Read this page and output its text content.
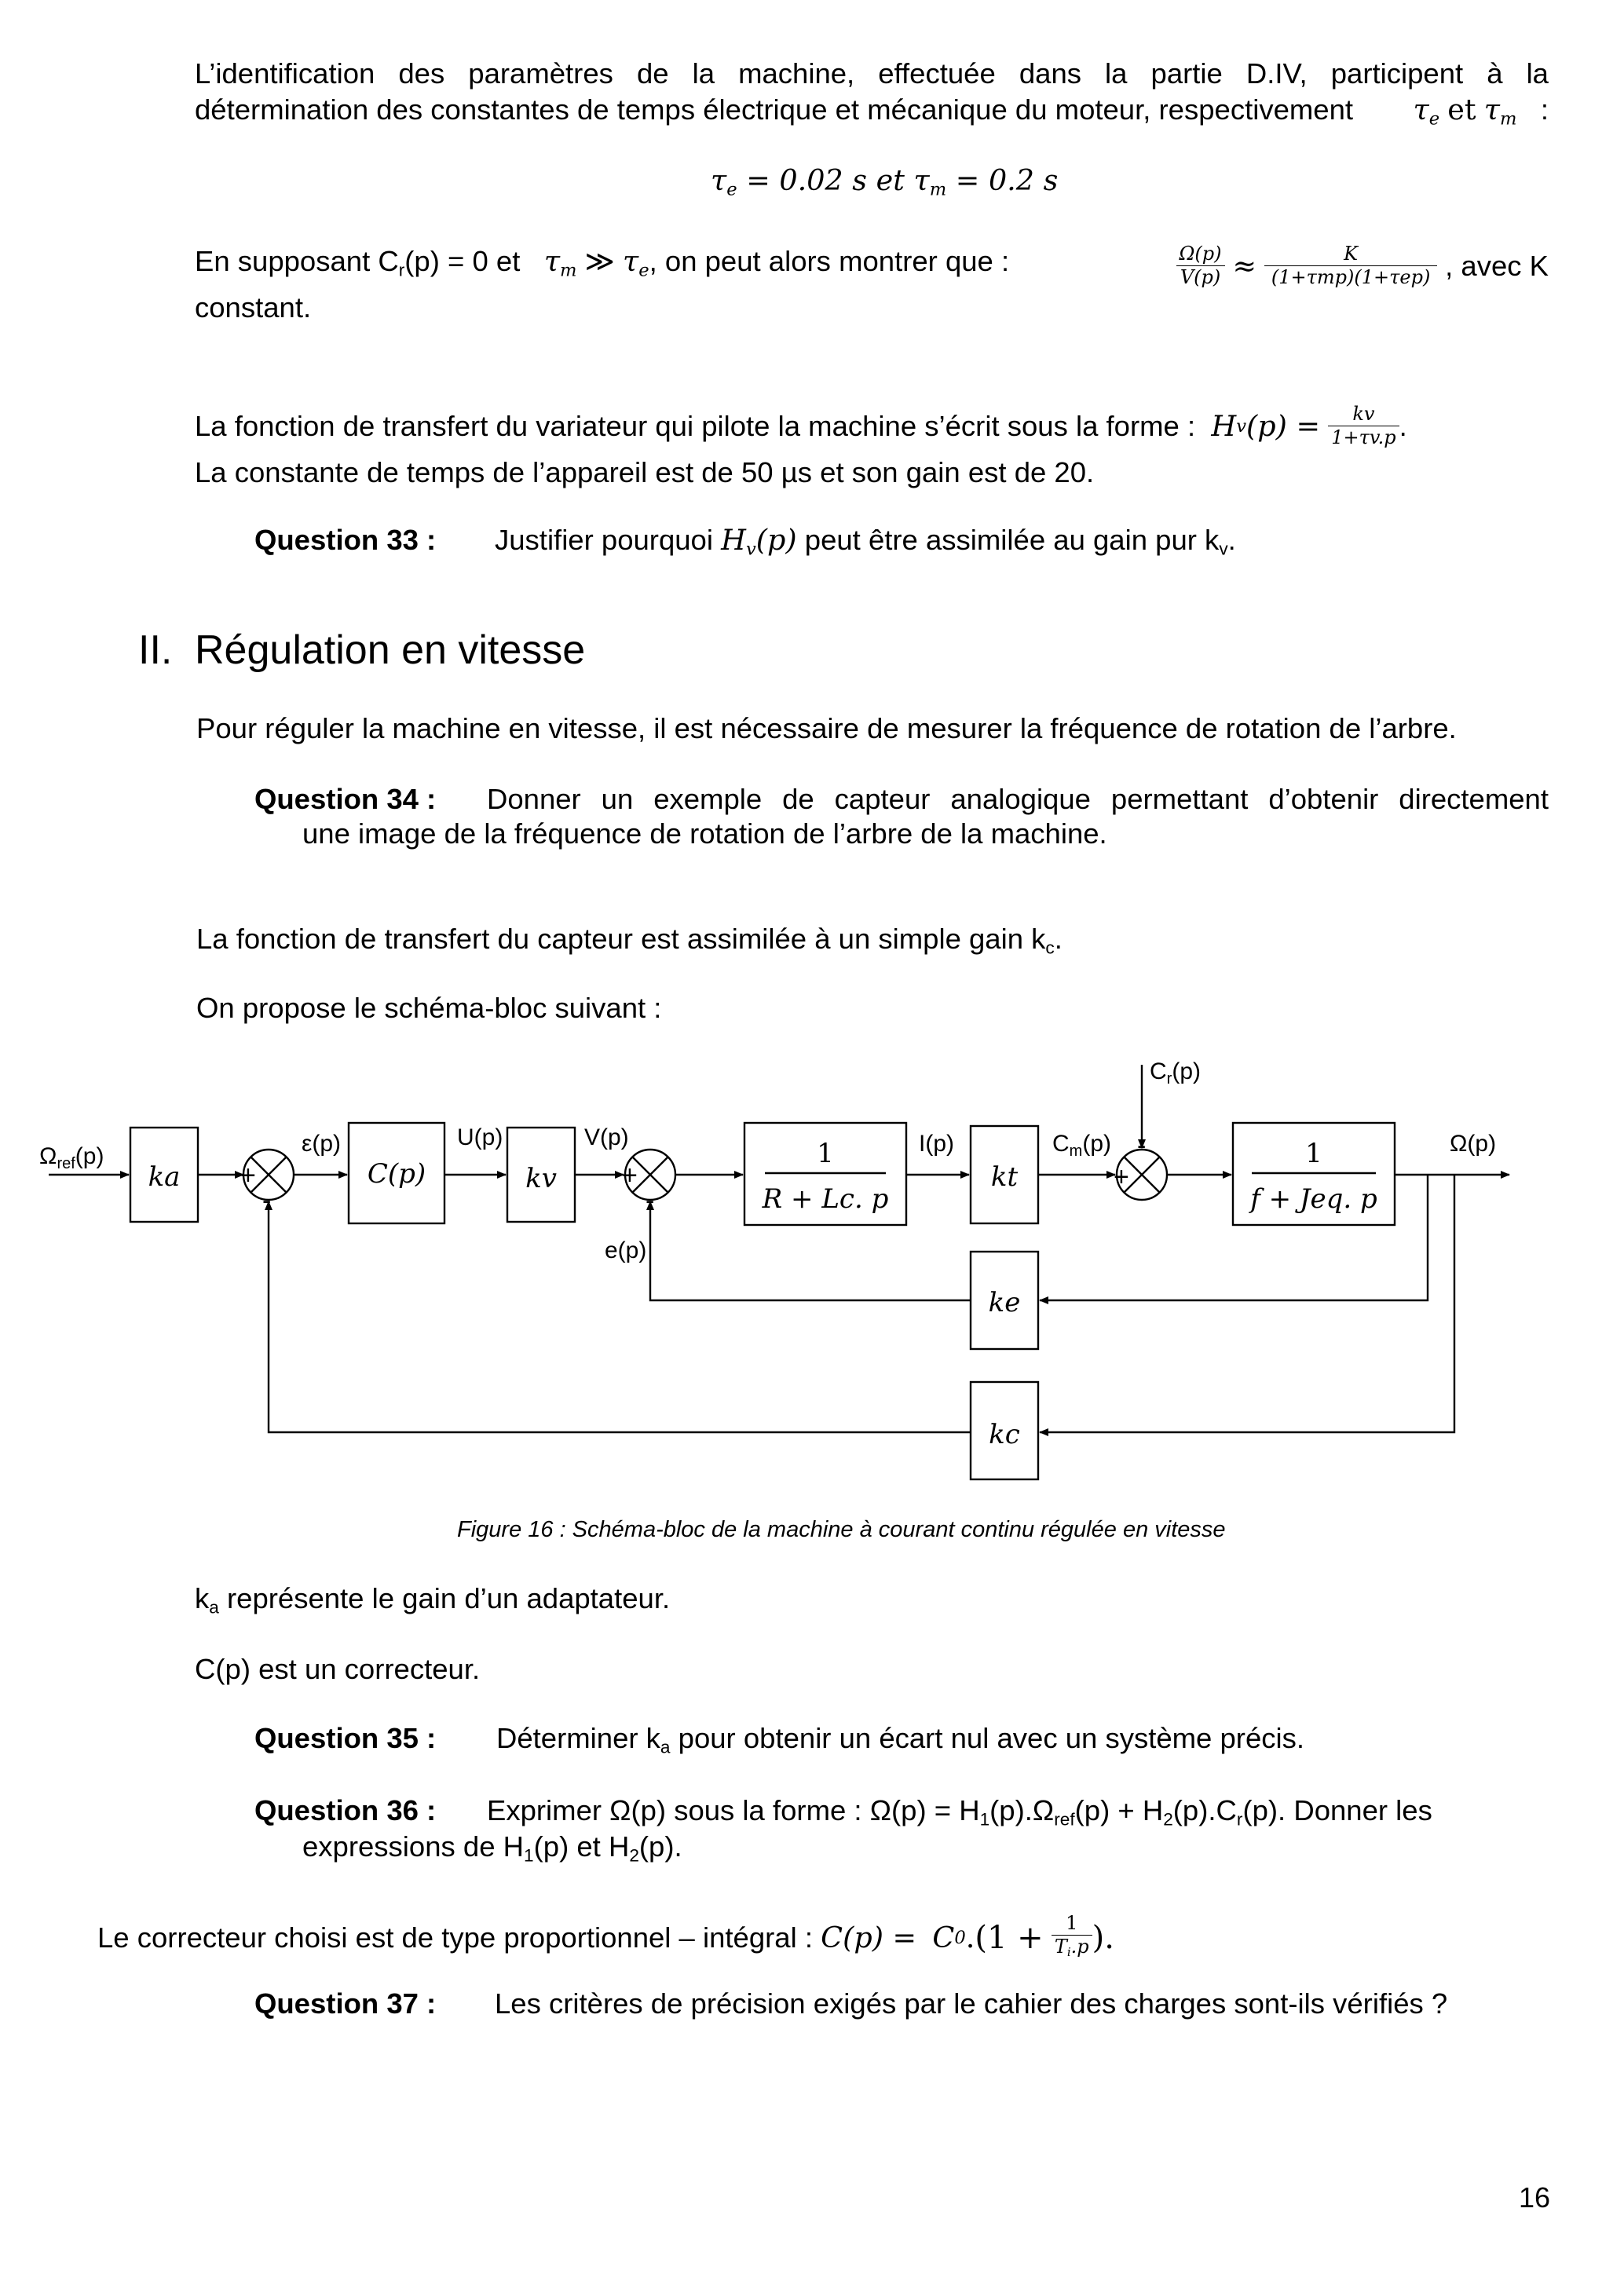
L’identification des paramètres de la machine, effectuée dans la partie D.IV, participent à la
détermination des constantes de temps électrique et mécanique du moteur, respectivement $\tau_e$ et $\tau_m$ :
$\tau_e = 0.02$ s et $\tau_m = 0.2$ s
En supposant $C_r(p) = 0$ et $\tau_m$ ≫ $\tau_e$, on peut alors montrer que :	$\frac{\Omega(p)}{V(p)} \approx \frac{K}{\text{(1+τmp)(1+τep)}}$ , avec K
constant.
La fonction de transfert du variateur qui pilote la machine s’écrit sous la forme :
H v (p) =
$\frac{kv}{1+\tau v.p}$ .
La constante de temps de l’appareil est de 50 µs et son gain est de 20.
Question 33 : Justifier pourquoi $H_v(p)$ peut être assimilée au gain pur $k_v$.
II. Régulation en vitesse
Pour réguler la machine en vitesse, il est nécessaire de mesurer la fréquence de rotation de l’arbre.
Question 34 : Donner un exemple de capteur analogique permettant d’obtenir directement
une image de la fréquence de rotation de l’arbre de la machine.
La fonction de transfert du capteur est assimilée à un simple gain $k_c$.
On propose le schéma-bloc suivant :
$\Omega_{ref}(p)$	ε(p)	U(p)	V(p)	I(p)	$C_m(p)$
$C_r(p)$
Ω(p)
e(p)
+
-
+
-
+
-
ka	C(p)	kv
1
R + Lc. p
kt
1
f + Jeq. p
ke
kc
Figure 16 : Schéma-bloc de la machine à courant continu régulée en vitesse
$k_a$ représente le gain d’un adaptateur.
C(p) est un correcteur.
Question 35 : Déterminer $k_a$ pour obtenir un écart nul avec un système précis.
Question 36 : Exprimer Ω(p) sous la forme : $\Omega(p) = H_1(p).\Omega_{ref}(p) + H_2(p).C_r(p)$. Donner les
expressions de $H_1(p)$ et $H_2(p)$.
Le correcteur choisi est de type proportionnel – intégral :
C(p) =
C 0 . (1 +
$\frac{1}{T_i.p}$ ).
Question 37 : Les critères de précision exigés par le cahier des charges sont-ils vérifiés ?
16
